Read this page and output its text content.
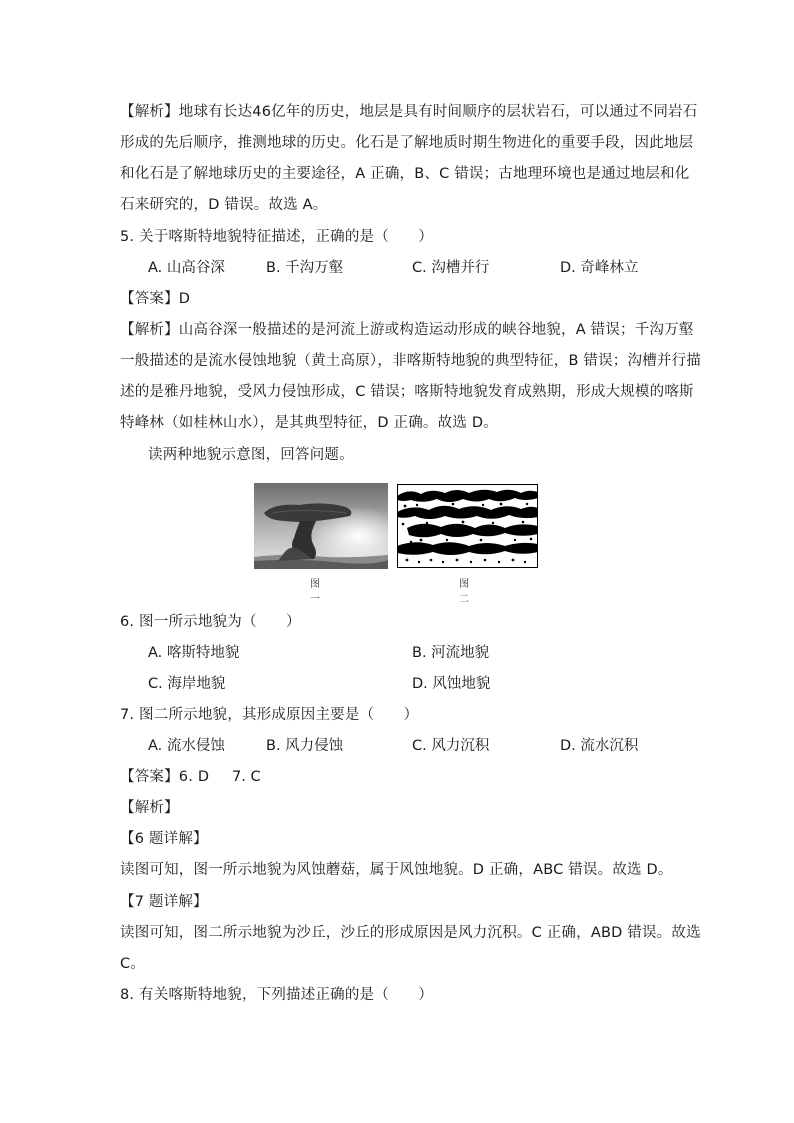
【解析】地球有长达46亿年的历史，地层是具有时间顺序的层状岩石，可以通过不同岩石
形成的先后顺序，推测地球的历史。化石是了解地质时期生物进化的重要手段，因此地层
和化石是了解地球历史的主要途径，A 正确，B、C 错误；古地理环境也是通过地层和化
石来研究的，D 错误。故选 A。
5. 关于喀斯特地貌特征描述，正确的是（　　）
A. 山高谷深	B. 千沟万壑	C. 沟槽并行	D. 奇峰林立
【答案】D
【解析】山高谷深一般描述的是河流上游或构造运动形成的峡谷地貌，A 错误；千沟万壑
一般描述的是流水侵蚀地貌（黄土高原），非喀斯特地貌的典型特征，B 错误；沟槽并行描
述的是雅丹地貌，受风力侵蚀形成，C 错误；喀斯特地貌发育成熟期，形成大规模的喀斯
特峰林（如桂林山水），是其典型特征，D 正确。故选 D。
读两种地貌示意图，回答问题。
图一
图二
6. 图一所示地貌为（　　）
A. 喀斯特地貌	B. 河流地貌
C. 海岸地貌	D. 风蚀地貌
7. 图二所示地貌，其形成原因主要是（　　）
A. 流水侵蚀	B. 风力侵蚀	C. 风力沉积	D. 流水沉积
【答案】6. D 7. C
【解析】
【6 题详解】
读图可知，图一所示地貌为风蚀蘑菇，属于风蚀地貌。D 正确，ABC 错误。故选 D。
【7 题详解】
读图可知，图二所示地貌为沙丘，沙丘的形成原因是风力沉积。C 正确，ABD 错误。故选
C。
8. 有关喀斯特地貌，下列描述正确的是（　　）
